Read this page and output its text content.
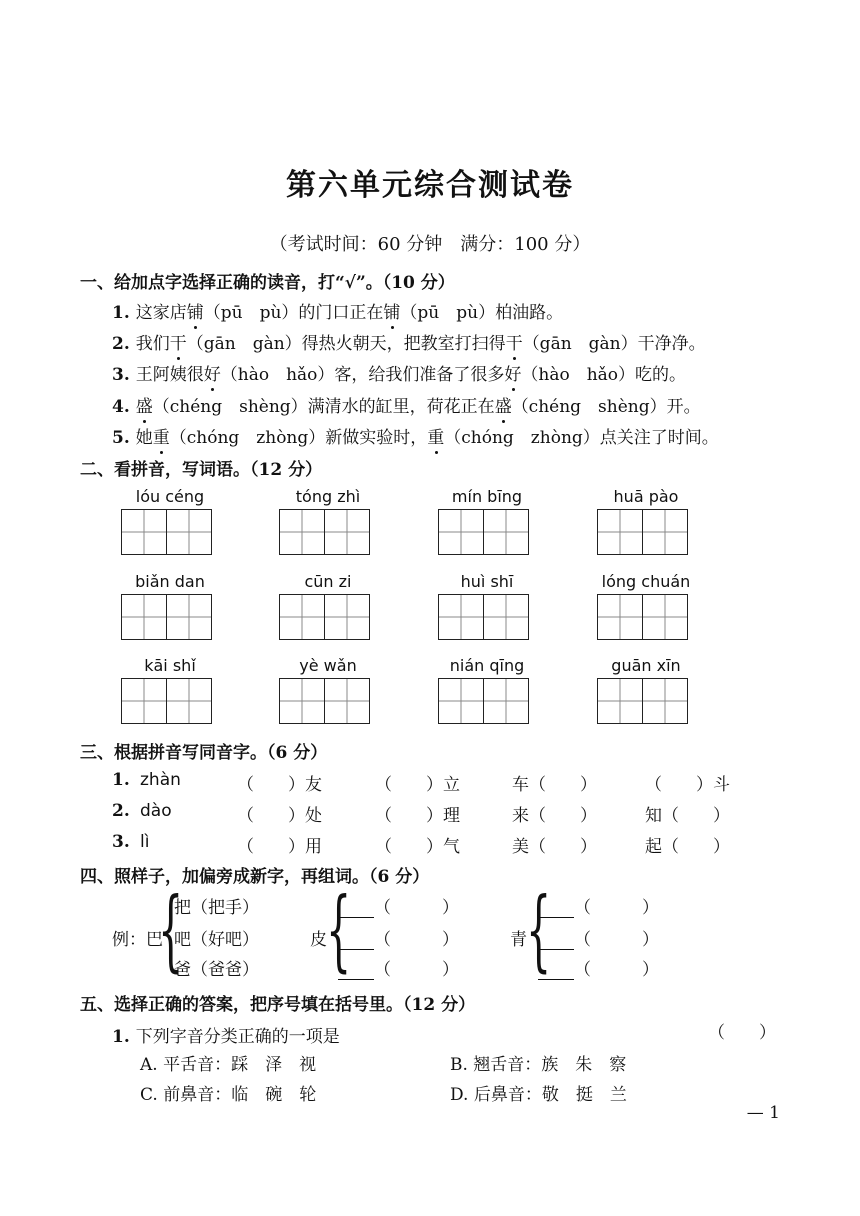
第六单元综合测试卷
（考试时间：60 分钟　满分：100 分）
一、给加点字选择正确的读音，打“√”。（10 分）
1. 这家店铺（pū　pù）的门口正在铺（pū　pù）柏油路。
2. 我们干（gān　gàn）得热火朝天，把教室打扫得干（gān　gàn）干净净。
3. 王阿姨很好（hào　hǎo）客，给我们准备了很多好（hào　hǎo）吃的。
4. 盛（chéng　shèng）满清水的缸里，荷花正在盛（chéng　shèng）开。
5. 她重（chóng　zhòng）新做实验时，重（chóng　zhòng）点关注了时间。
二、看拼音，写词语。（12 分）
lóu céng	tóng zhì	mín bīng	huā pào
biǎn dan	cūn zi	huì shī	lóng chuán
kāi shǐ	yè wǎn	nián qīng	guān xīn
三、根据拼音写同音字。（6 分）
1. zhàn	（　　）友	（　　）立	车（　　）	（　　）斗
2. dào	（　　）处	（　　）理	来（　　）	知（　　）
3. lì	（　　）用	（　　）气	美（　　）	起（　　）
四、照样子，加偏旁成新字，再组词。（6 分）
例：巴
{
把（把手）
吧（好吧）
爸（爸爸）
皮 {	（　　　）
（　　　）
（　　　）
青 {	（　　　）
（　　　）
（　　　）
五、选择正确的答案，把序号填在括号里。（12 分）
1. 下列字音分类正确的一项是	（　　）
A. 平舌音：踩　泽　视	B. 翘舌音：族　朱　察
C. 前鼻音：临　碗　轮	D. 后鼻音：敬　挺　兰
— 1
